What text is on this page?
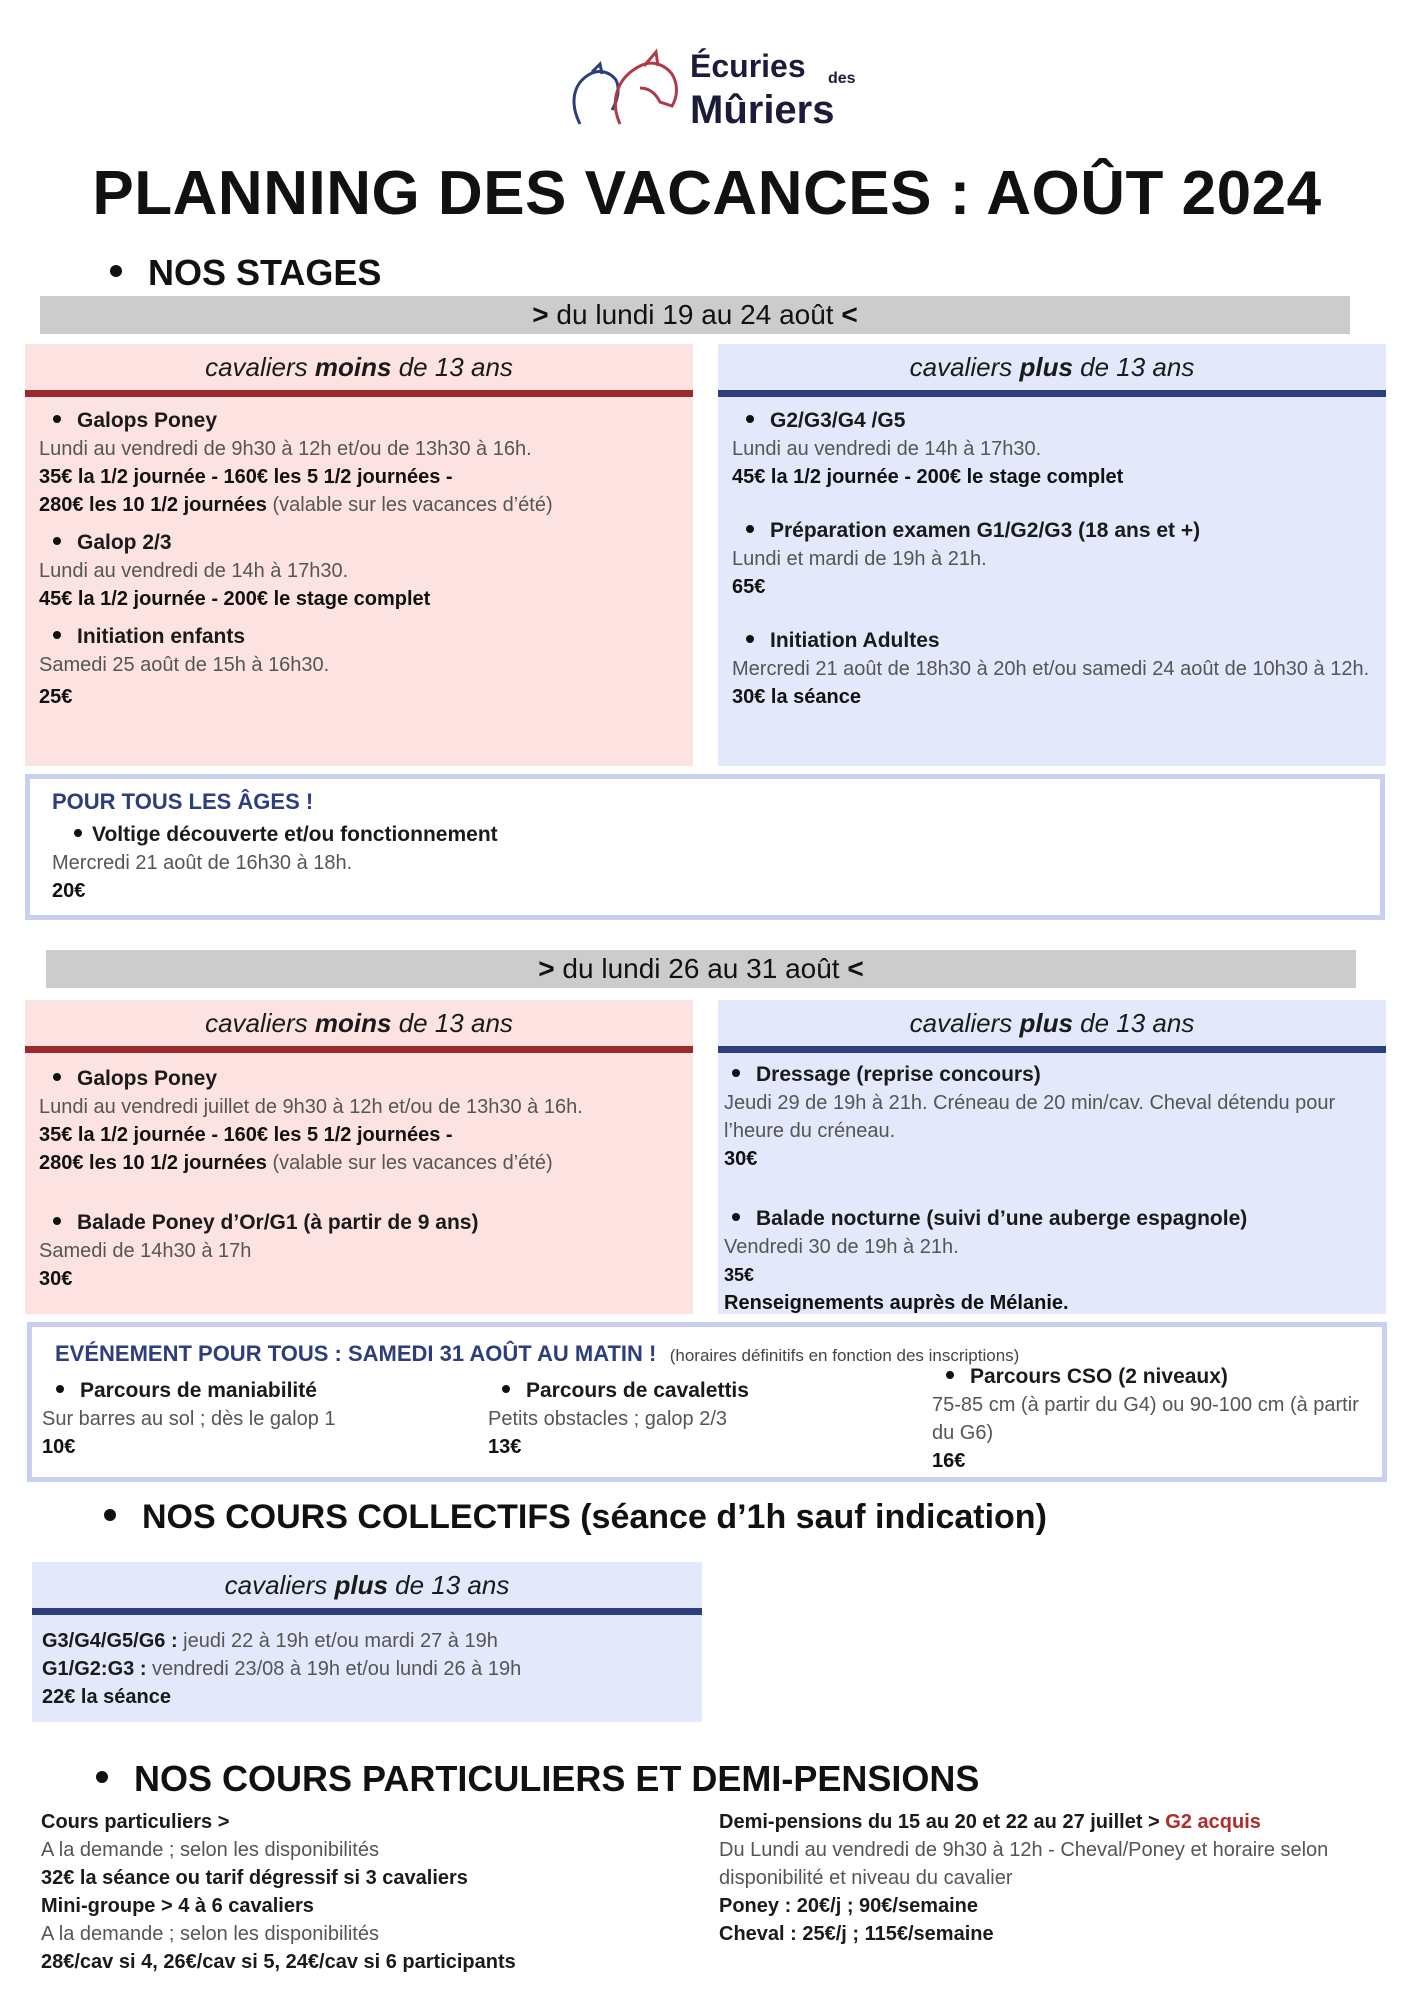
Écuries des
Mûriers
PLANNING DES VACANCES : AOÛT 2024
NOS STAGES
> du lundi 19 au 24 août <
cavaliers moins de 13 ans
Galops Poney
Lundi au vendredi de 9h30 à 12h et/ou de 13h30 à 16h.
35€ la 1/2 journée - 160€ les 5 1/2 journées -
280€ les 10 1/2 journées (valable sur les vacances d’été)
Galop 2/3
Lundi au vendredi de 14h à 17h30.
45€ la 1/2 journée - 200€ le stage complet
Initiation enfants
Samedi 25 août de 15h à 16h30.
25€
cavaliers plus de 13 ans
G2/G3/G4 /G5
Lundi au vendredi de 14h à 17h30.
45€ la 1/2 journée - 200€ le stage complet
Préparation examen G1/G2/G3 (18 ans et +)
Lundi et mardi de 19h à 21h.
65€
Initiation Adultes
Mercredi 21 août de 18h30 à 20h et/ou samedi 24 août de 10h30 à 12h.
30€ la séance
POUR TOUS LES ÂGES !
Voltige découverte et/ou fonctionnement
Mercredi 21 août de 16h30 à 18h.
20€
> du lundi 26 au 31 août <
cavaliers moins de 13 ans
Galops Poney
Lundi au vendredi juillet de 9h30 à 12h et/ou de 13h30 à 16h.
35€ la 1/2 journée - 160€ les 5 1/2 journées -
280€ les 10 1/2 journées (valable sur les vacances d’été)
Balade Poney d’Or/G1 (à partir de 9 ans)
Samedi de 14h30 à 17h
30€
cavaliers plus de 13 ans
Dressage (reprise concours)
Jeudi 29 de 19h à 21h. Créneau de 20 min/cav. Cheval détendu pour l’heure du créneau.
30€
Balade nocturne (suivi d’une auberge espagnole)
Vendredi 30 de 19h à 21h.
35€
Renseignements auprès de Mélanie.
EVÉNEMENT POUR TOUS : SAMEDI 31 AOÛT AU MATIN ! (horaires définitifs en fonction des inscriptions)
Parcours de maniabilité
Sur barres au sol ; dès le galop 1
10€
Parcours de cavalettis
Petits obstacles ; galop 2/3
13€
Parcours CSO (2 niveaux)
75-85 cm (à partir du G4) ou 90-100 cm (à partir du G6)
16€
NOS COURS COLLECTIFS (séance d’1h sauf indication)
cavaliers plus de 13 ans
G3/G4/G5/G6 : jeudi 22 à 19h et/ou mardi 27 à 19h
G1/G2:G3 : vendredi 23/08 à 19h et/ou lundi 26 à 19h
22€ la séance
NOS COURS PARTICULIERS ET DEMI-PENSIONS
Cours particuliers >
A la demande ; selon les disponibilités
32€ la séance ou tarif dégressif si 3 cavaliers
Mini-groupe > 4 à 6 cavaliers
A la demande ; selon les disponibilités
28€/cav si 4, 26€/cav si 5, 24€/cav si 6 participants
Demi-pensions du 15 au 20 et 22 au 27 juillet > G2 acquis
Du Lundi au vendredi de 9h30 à 12h - Cheval/Poney et horaire selon disponibilité et niveau du cavalier
Poney : 20€/j ; 90€/semaine
Cheval : 25€/j ; 115€/semaine
